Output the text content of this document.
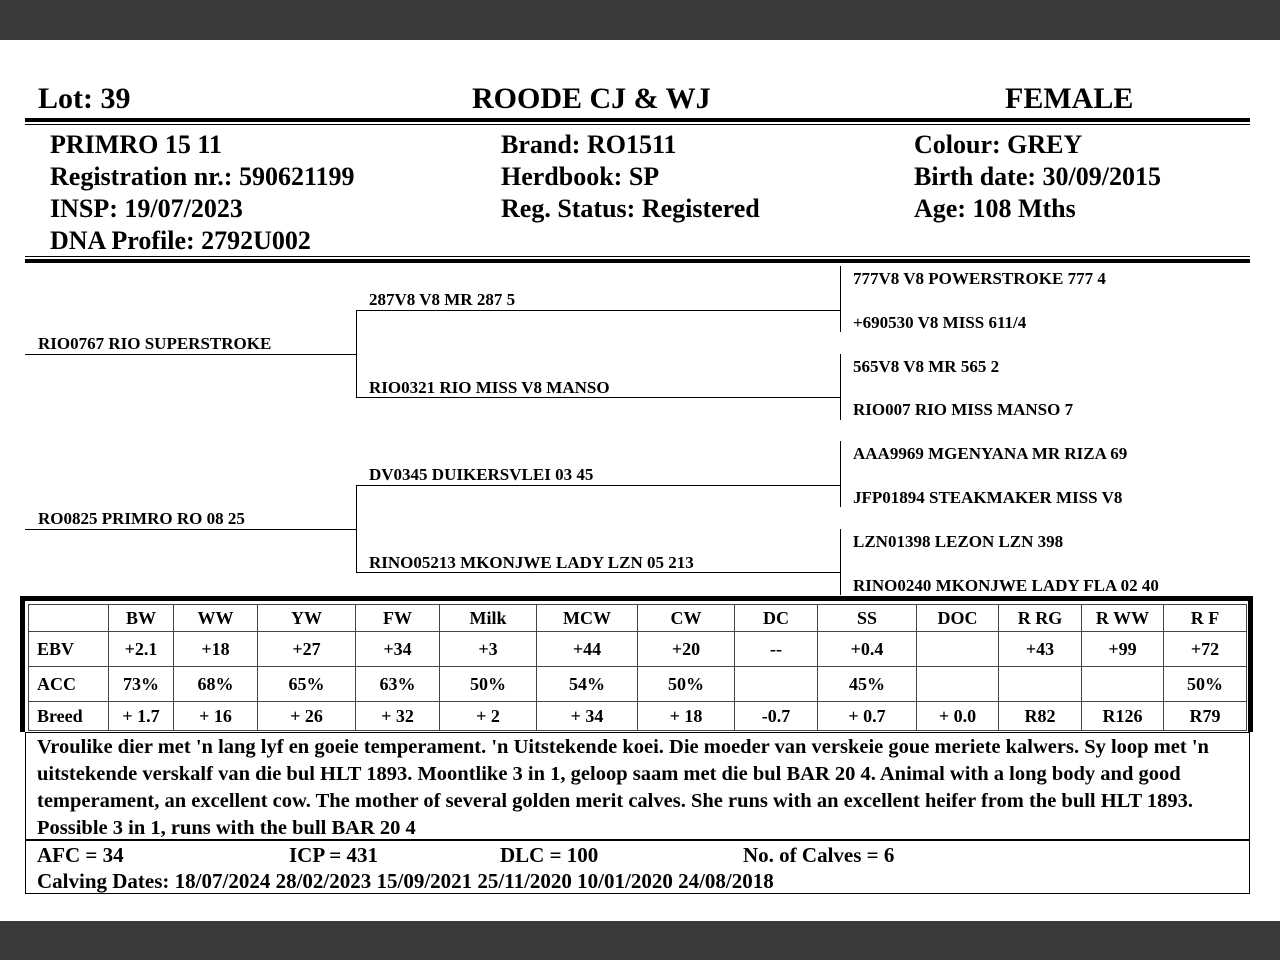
Lot: 39	ROODE CJ & WJ	FEMALE
PRIMRO 15 11
Registration nr.: 590621199
INSP: 19/07/2023
DNA Profile: 2792U002
Brand: RO1511
Herdbook: SP
Reg. Status: Registered
Colour: GREY
Birth date: 30/09/2015
Age: 108 Mths
RIO0767 RIO SUPERSTROKE
RO0825 PRIMRO RO 08 25
287V8 V8 MR 287 5
RIO0321 RIO MISS V8 MANSO
DV0345 DUIKERSVLEI 03 45
RINO05213 MKONJWE LADY LZN 05 213
777V8 V8 POWERSTROKE 777 4
+690530 V8 MISS 611/4
565V8 V8 MR 565 2
RIO007 RIO MISS MANSO 7
AAA9969 MGENYANA MR RIZA 69
JFP01894 STEAKMAKER MISS V8
LZN01398 LEZON LZN 398
RINO0240 MKONJWE LADY FLA 02 40
	BW	WW	YW	FW	Milk	MCW	CW	DC	SS	DOC	R RG	R WW	R F
EBV	+2.1	+18	+27	+34	+3	+44	+20	--	+0.4		+43	+99	+72
ACC	73%	68%	65%	63%	50%	54%	50%		45%				50%
Breed	+ 1.7	+ 16	+ 26	+ 32	+ 2	+ 34	+ 18	-0.7	+ 0.7	+ 0.0	R82	R126	R79
Vroulike dier met 'n lang lyf en goeie temperament. 'n Uitstekende koei. Die moeder van verskeie goue meriete kalwers. Sy loop met 'n uitstekende verskalf van die bul HLT 1893. Moontlike 3 in 1, geloop saam met die bul BAR 20 4. Animal with a long body and good temperament, an excellent cow. The mother of several golden merit calves. She runs with an excellent heifer from the bull HLT 1893. Possible 3 in 1, runs with the bull BAR 20 4
AFC = 34	ICP = 431	DLC = 100	No. of Calves = 6
Calving Dates: 18/07/2024 28/02/2023 15/09/2021 25/11/2020 10/01/2020 24/08/2018
